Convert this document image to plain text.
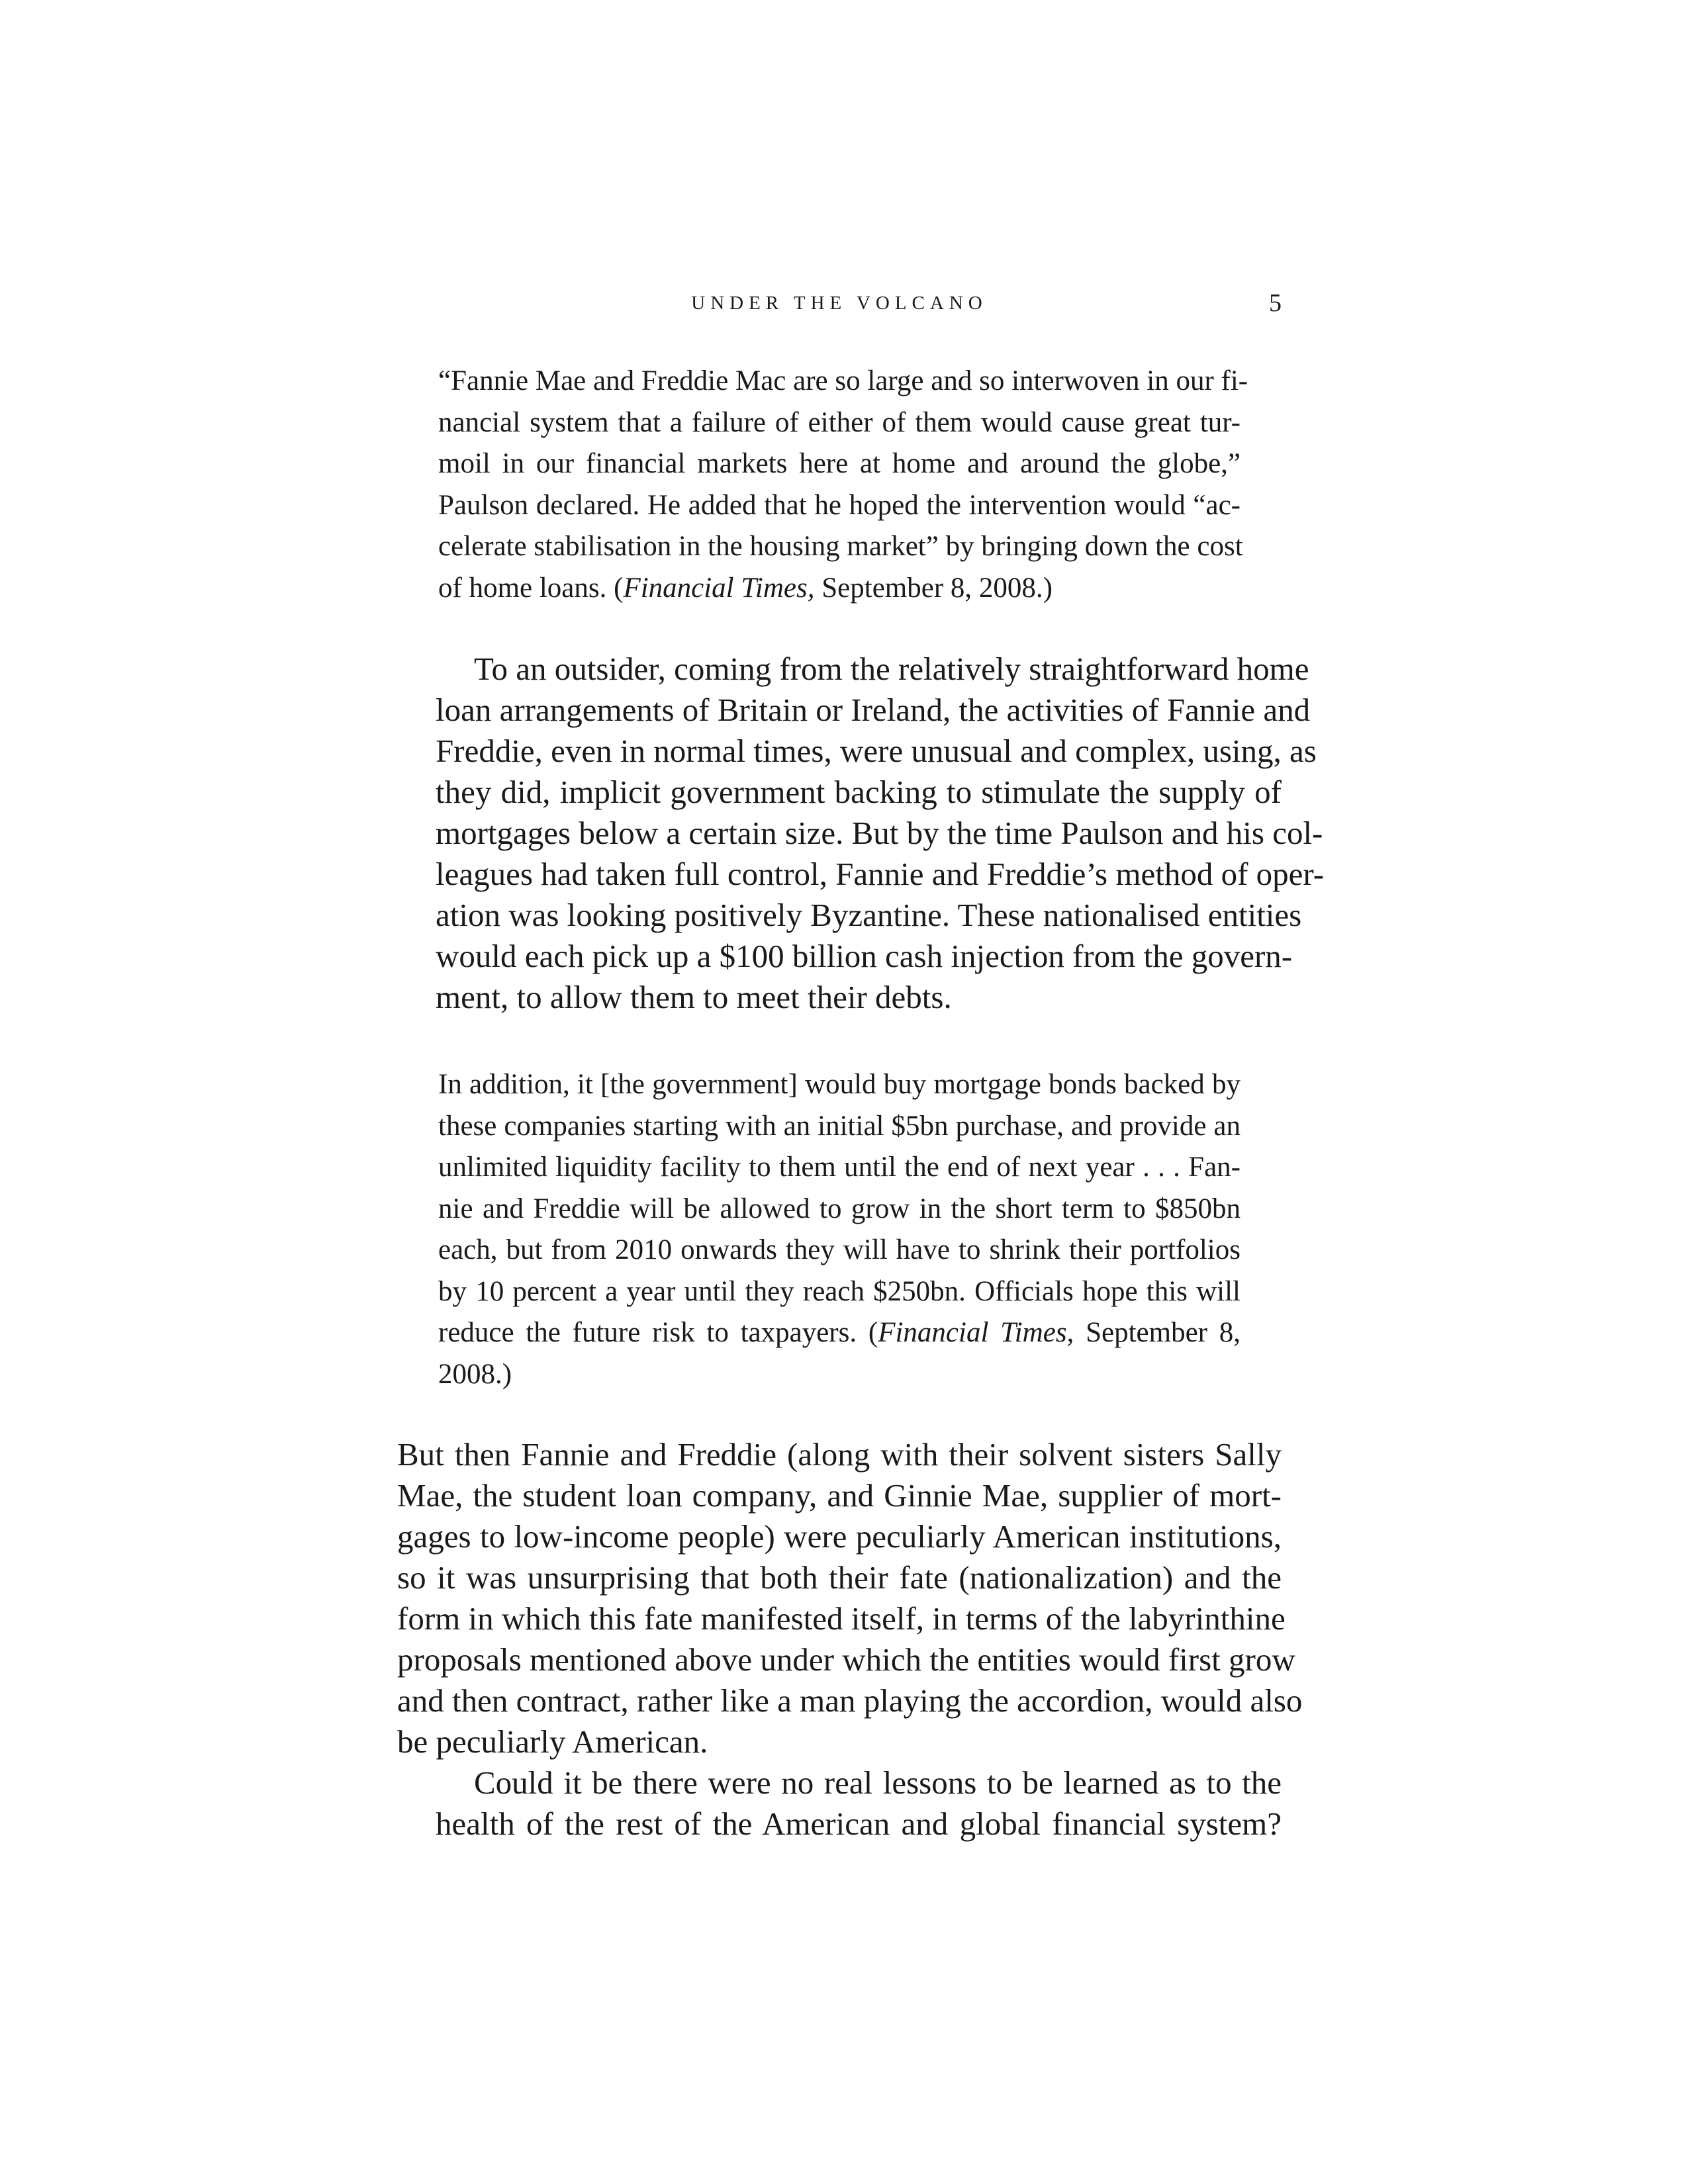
UNDER THE VOLCANO	5
“Fannie Mae and Freddie Mac are so large and so interwoven in our fi-
nancial system that a failure of either of them would cause great tur-
moil in our financial markets here at home and around the globe,”
Paulson declared. He added that he hoped the intervention would “ac-
celerate stabilisation in the housing market” by bringing down the cost
of home loans. (Financial Times, September 8, 2008.)
To an outsider, coming from the relatively straightforward home
loan arrangements of Britain or Ireland, the activities of Fannie and
Freddie, even in normal times, were unusual and complex, using, as
they did, implicit government backing to stimulate the supply of
mortgages below a certain size. But by the time Paulson and his col-
leagues had taken full control, Fannie and Freddie’s method of oper-
ation was looking positively Byzantine. These nationalised entities
would each pick up a $100 billion cash injection from the govern-
ment, to allow them to meet their debts.
In addition, it [the government] would buy mortgage bonds backed by
these companies starting with an initial $5bn purchase, and provide an
unlimited liquidity facility to them until the end of next year . . . Fan-
nie and Freddie will be allowed to grow in the short term to $850bn
each, but from 2010 onwards they will have to shrink their portfolios
by 10 percent a year until they reach $250bn. Officials hope this will
reduce the future risk to taxpayers. (Financial Times, September 8,
2008.)
But then Fannie and Freddie (along with their solvent sisters Sally
Mae, the student loan company, and Ginnie Mae, supplier of mort-
gages to low-income people) were peculiarly American institutions,
so it was unsurprising that both their fate (nationalization) and the
form in which this fate manifested itself, in terms of the labyrinthine
proposals mentioned above under which the entities would first grow
and then contract, rather like a man playing the accordion, would also
be peculiarly American.
Could it be there were no real lessons to be learned as to the
health of the rest of the American and global financial system?
